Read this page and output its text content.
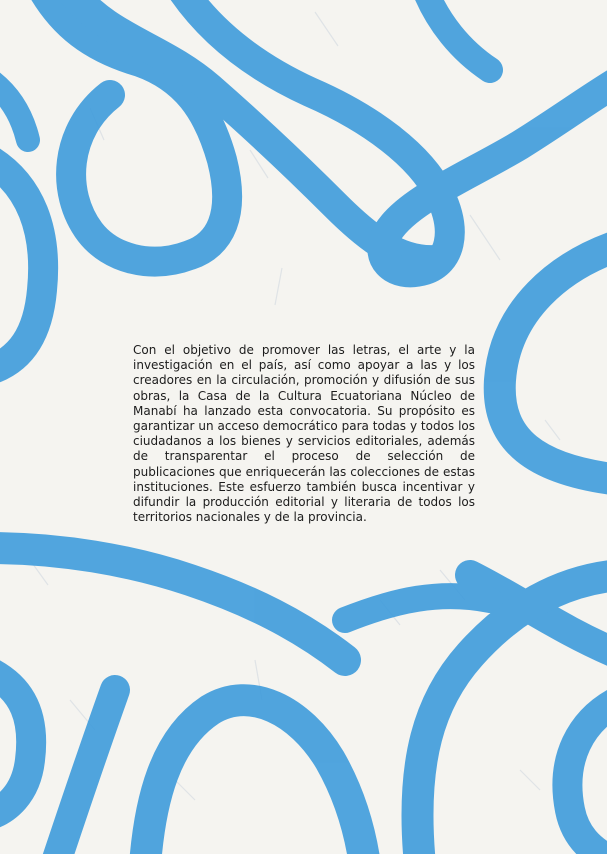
Con el objetivo de promover las letras, el arte y la investigación en el país, así como apoyar a las y los creadores en la circulación, promoción y difusión de sus obras, la Casa de la Cultura Ecuatoriana Núcleo de Manabí ha lanzado esta convocatoria. Su propósito es garantizar un acceso democrático para todas y todos los ciudadanos a los bienes y servicios editoriales, además de transparentar el proceso de selección de publicaciones que enriquecerán las colecciones de estas instituciones. Este esfuerzo también busca incentivar y difundir la producción editorial y literaria de todos los territorios nacionales y de la provincia.
